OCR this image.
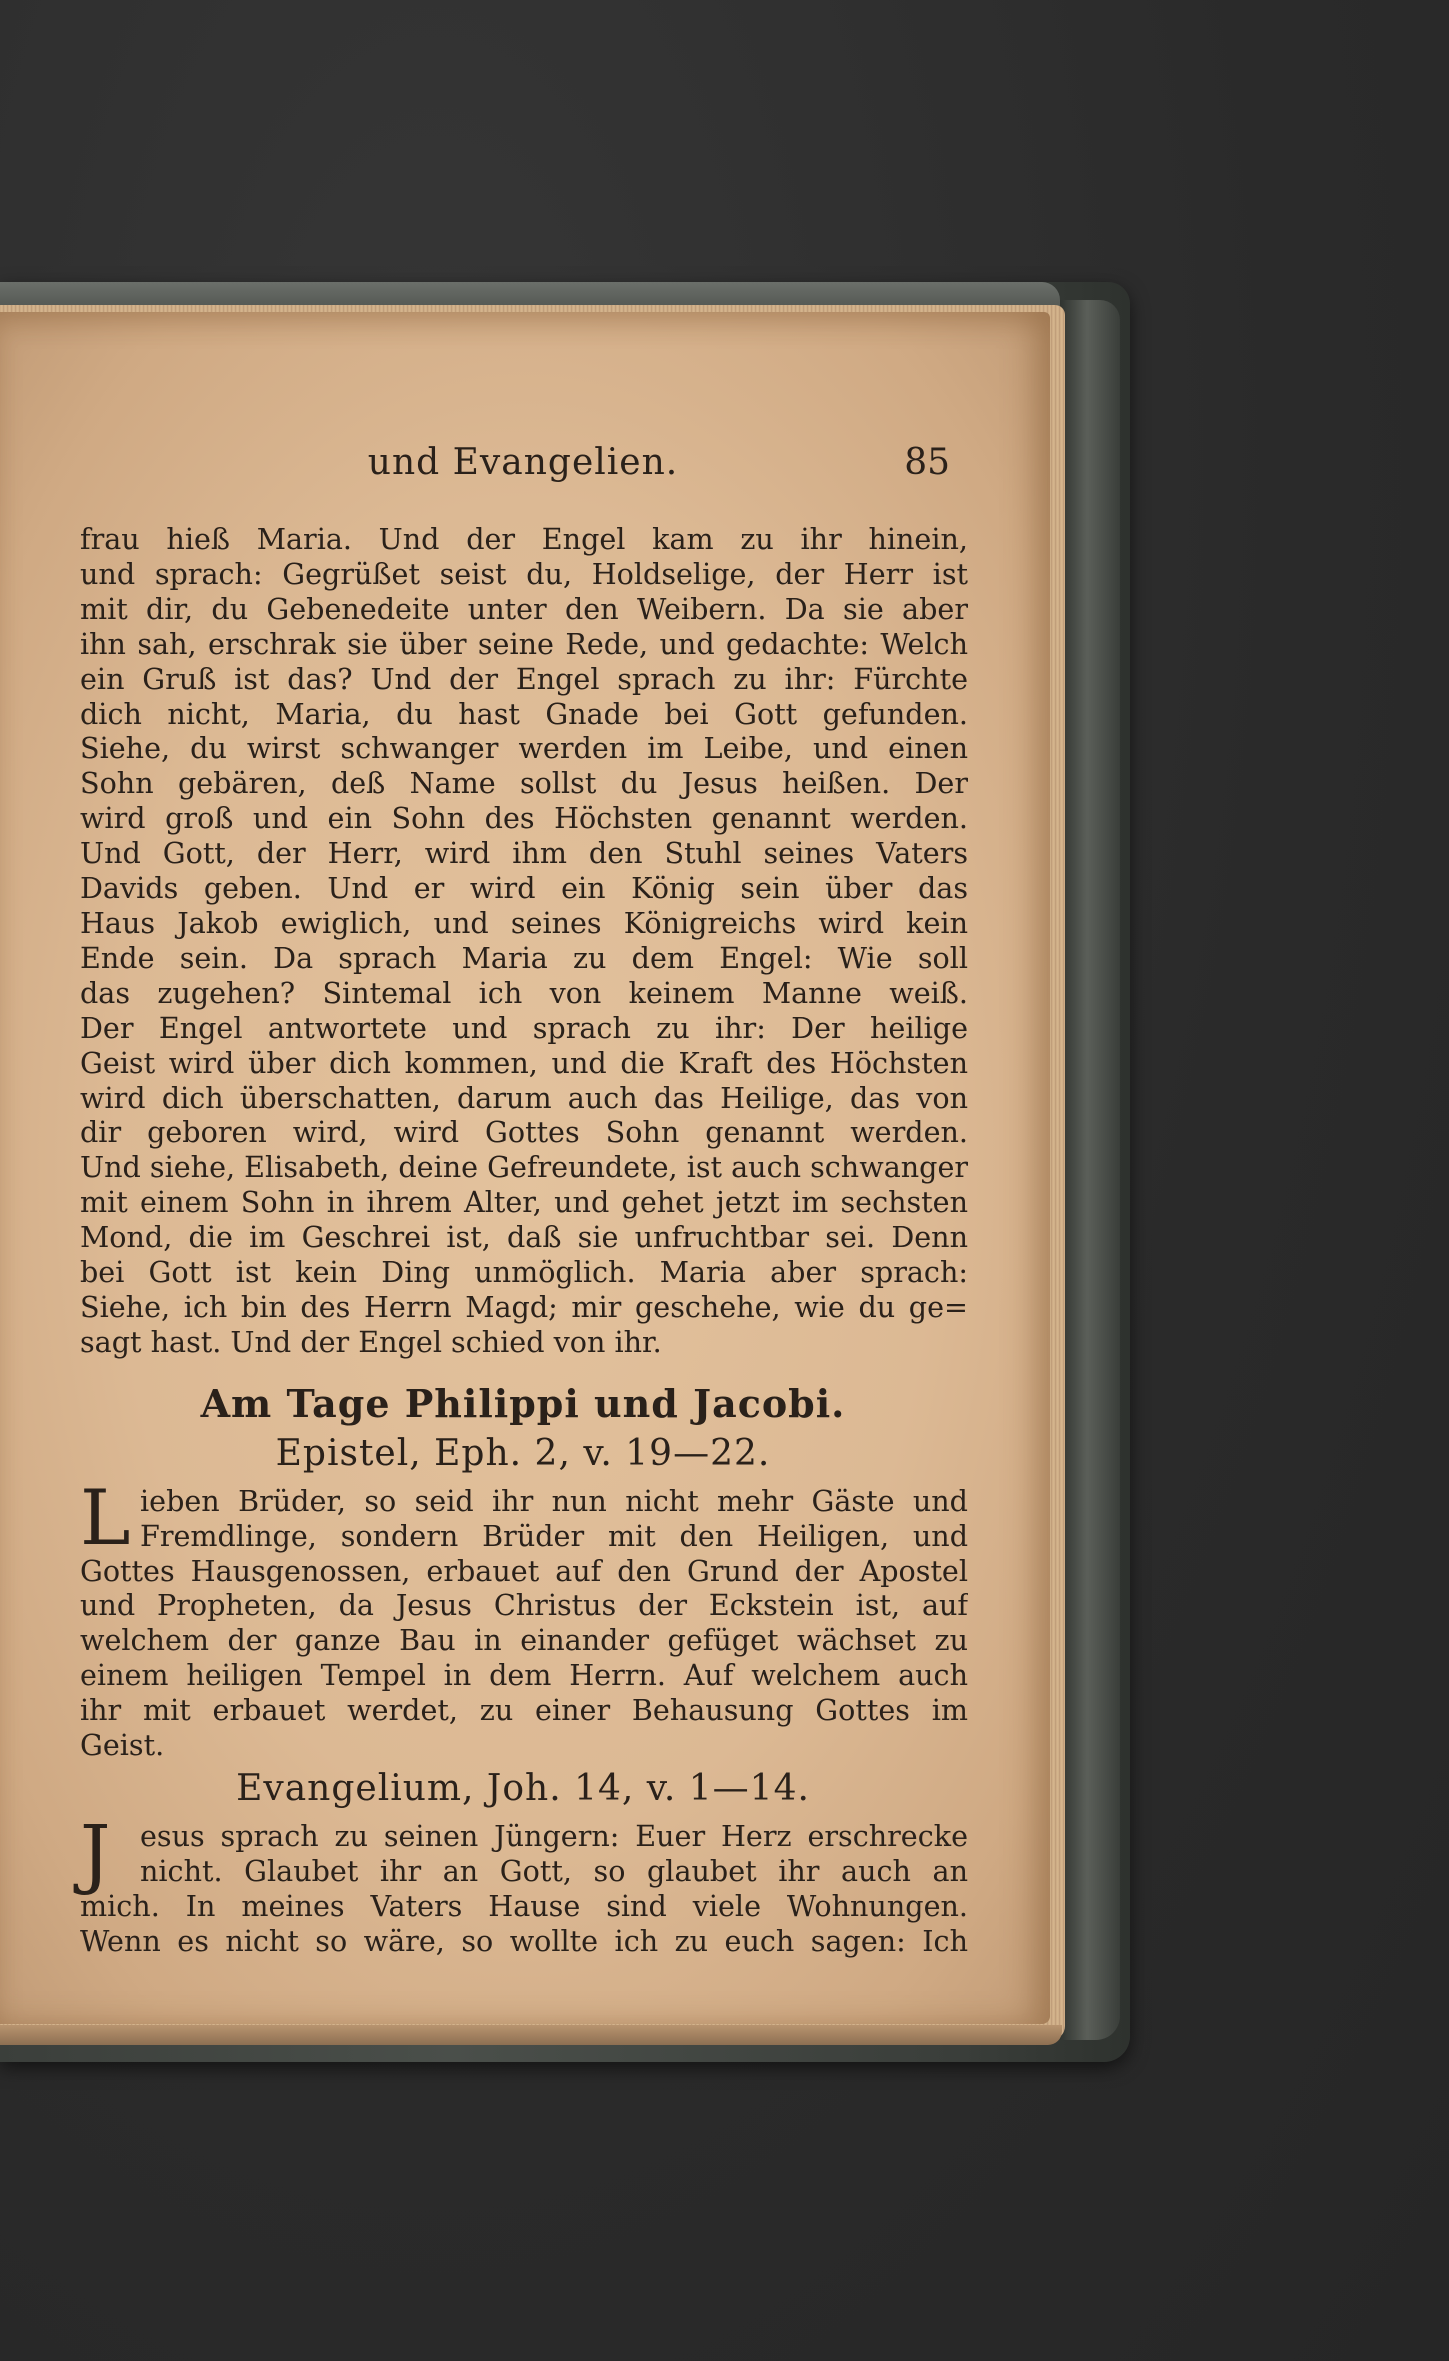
und Evangelien.	85
frau hieß Maria. Und der Engel kam zu ihr hinein,
und sprach: Gegrüßet seist du, Holdselige, der Herr ist
mit dir, du Gebenedeite unter den Weibern. Da sie aber
ihn sah, erschrak sie über seine Rede, und gedachte: Welch
ein Gruß ist das? Und der Engel sprach zu ihr: Fürchte
dich nicht, Maria, du hast Gnade bei Gott gefunden.
Siehe, du wirst schwanger werden im Leibe, und einen
Sohn gebären, deß Name sollst du Jesus heißen. Der
wird groß und ein Sohn des Höchsten genannt werden.
Und Gott, der Herr, wird ihm den Stuhl seines Vaters
Davids geben. Und er wird ein König sein über das
Haus Jakob ewiglich, und seines Königreichs wird kein
Ende sein. Da sprach Maria zu dem Engel: Wie soll
das zugehen? Sintemal ich von keinem Manne weiß.
Der Engel antwortete und sprach zu ihr: Der heilige
Geist wird über dich kommen, und die Kraft des Höchsten
wird dich überschatten, darum auch das Heilige, das von
dir geboren wird, wird Gottes Sohn genannt werden.
Und siehe, Elisabeth, deine Gefreundete, ist auch schwanger
mit einem Sohn in ihrem Alter, und gehet jetzt im sechsten
Mond, die im Geschrei ist, daß sie unfruchtbar sei. Denn
bei Gott ist kein Ding unmöglich. Maria aber sprach:
Siehe, ich bin des Herrn Magd; mir geschehe, wie du ge=
sagt hast. Und der Engel schied von ihr.
Am Tage Philippi und Jacobi.
Epistel, Eph. 2, v. 19—22.
L ieben Brüder, so seid ihr nun nicht mehr Gäste und
Fremdlinge, sondern Brüder mit den Heiligen, und
Gottes Hausgenossen, erbauet auf den Grund der Apostel
und Propheten, da Jesus Christus der Eckstein ist, auf
welchem der ganze Bau in einander gefüget wächset zu
einem heiligen Tempel in dem Herrn. Auf welchem auch
ihr mit erbauet werdet, zu einer Behausung Gottes im
Geist.
Evangelium, Joh. 14, v. 1—14.
J	esus sprach zu seinen Jüngern: Euer Herz erschrecke
nicht. Glaubet ihr an Gott, so glaubet ihr auch an
mich. In meines Vaters Hause sind viele Wohnungen.
Wenn es nicht so wäre, so wollte ich zu euch sagen: Ich
